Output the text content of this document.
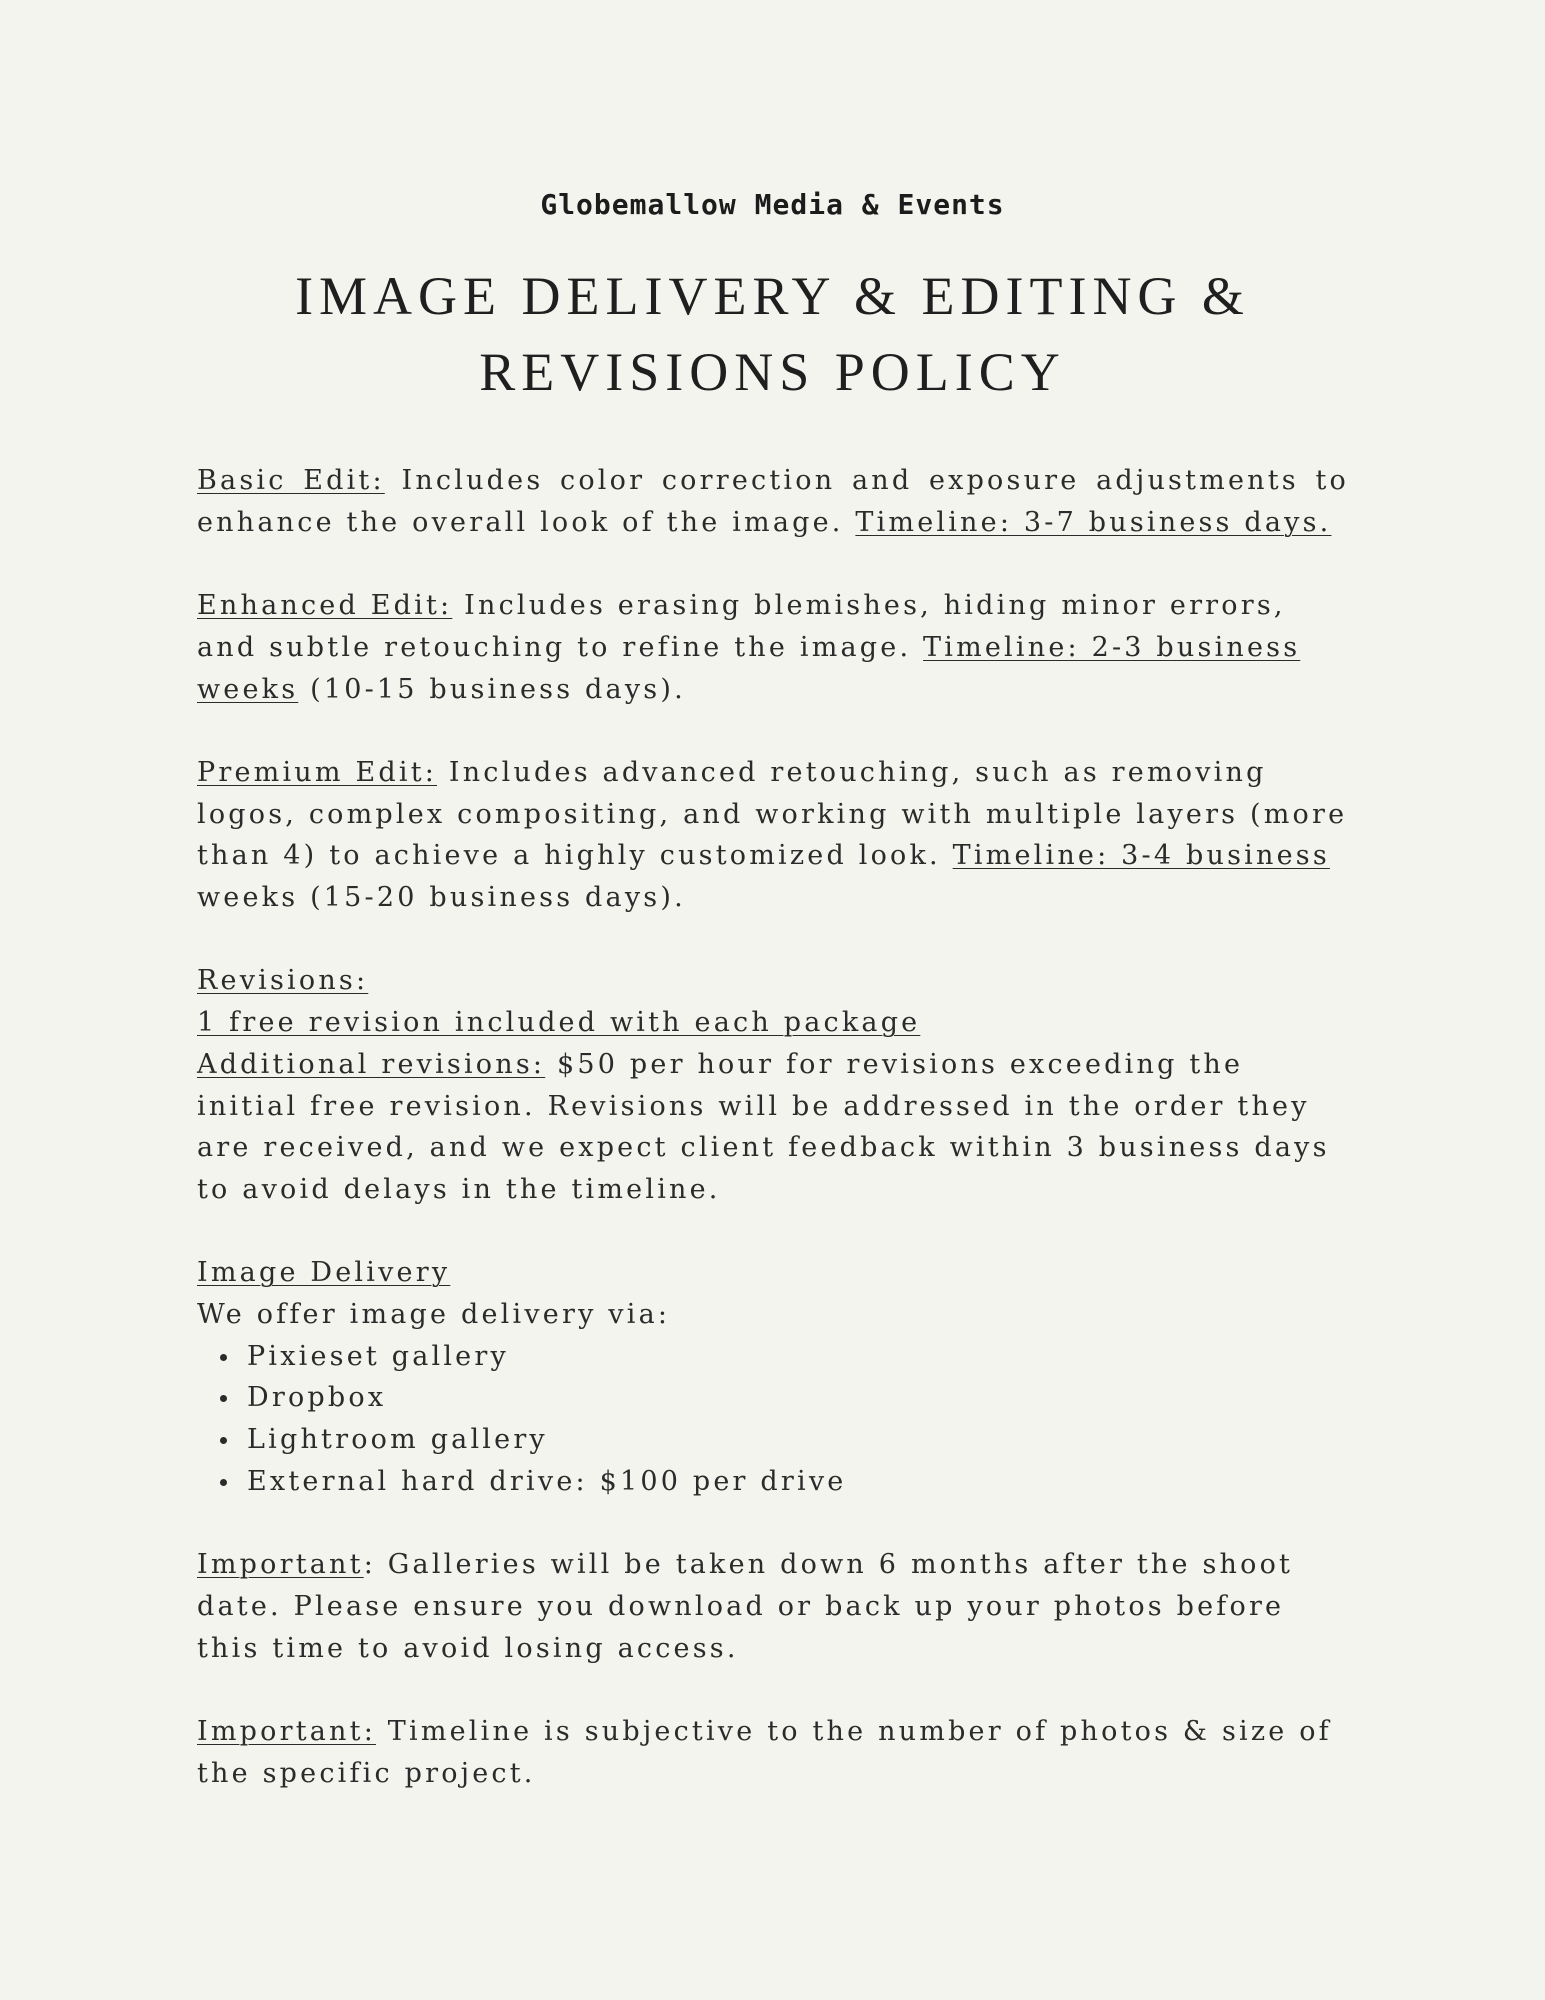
Globemallow Media & Events
IMAGE DELIVERY & EDITING &
REVISIONS POLICY

Basic Edit: Includes color correction and exposure adjustments to enhance the overall look of the image. Timeline: 3-7 business days.

Enhanced Edit: Includes erasing blemishes, hiding minor errors, and subtle retouching to refine the image. Timeline: 2-3 business weeks (10-15 business days).

Premium Edit: Includes advanced retouching, such as removing logos, complex compositing, and working with multiple layers (more than 4) to achieve a highly customized look. Timeline: 3-4 business weeks (15-20 business days).

Revisions:
1 free revision included with each package
Additional revisions: $50 per hour for revisions exceeding the initial free revision. Revisions will be addressed in the order they are received, and we expect client feedback within 3 business days to avoid delays in the timeline.
Image Delivery
We offer image delivery via:
Pixieset gallery
Dropbox
Lightroom gallery
External hard drive: $100 per drive

Important: Galleries will be taken down 6 months after the shoot date. Please ensure you download or back up your photos before this time to avoid losing access.

Important: Timeline is subjective to the number of photos & size of the specific project.
